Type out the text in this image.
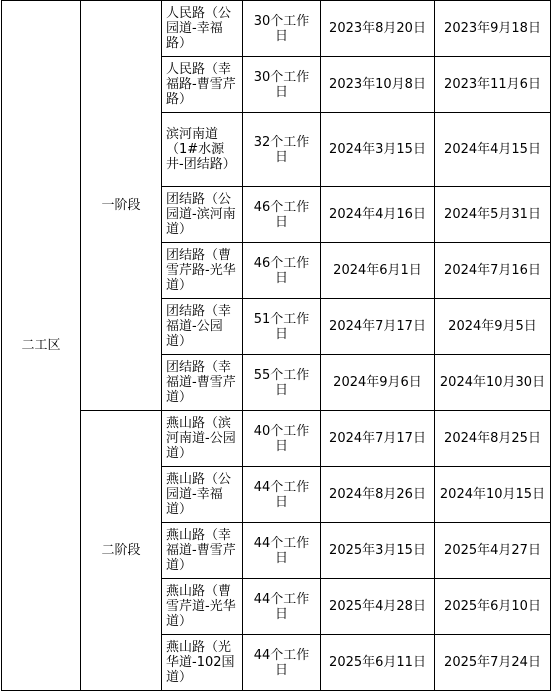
二工区	一阶段	人民路（公园道-幸福路）	30个工作日	2023年8月20日	2023年9月18日
		人民路（幸福路-曹雪芹路）	30个工作日	2023年10月8日	2023年11月6日
		滨河南道（1#水源井-团结路）	32个工作日	2024年3月15日	2024年4月15日
		团结路（公园道-滨河南道）	46个工作日	2024年4月16日	2024年5月31日
		团结路（曹雪芹路-光华道）	46个工作日	2024年6月1日	2024年7月16日
		团结路（幸福道-公园道）	51个工作日	2024年7月17日	2024年9月5日
		团结路（幸福道-曹雪芹道）	55个工作日	2024年9月6日	2024年10月30日
	二阶段	燕山路（滨河南道-公园道）	40个工作日	2024年7月17日	2024年8月25日
		燕山路（公园道-幸福道）	44个工作日	2024年8月26日	2024年10月15日
		燕山路（幸福道-曹雪芹道）	44个工作日	2025年3月15日	2025年4月27日
		燕山路（曹雪芹道-光华道）	44个工作日	2025年4月28日	2025年6月10日
		燕山路（光华道-102国道）	44个工作日	2025年6月11日	2025年7月24日
